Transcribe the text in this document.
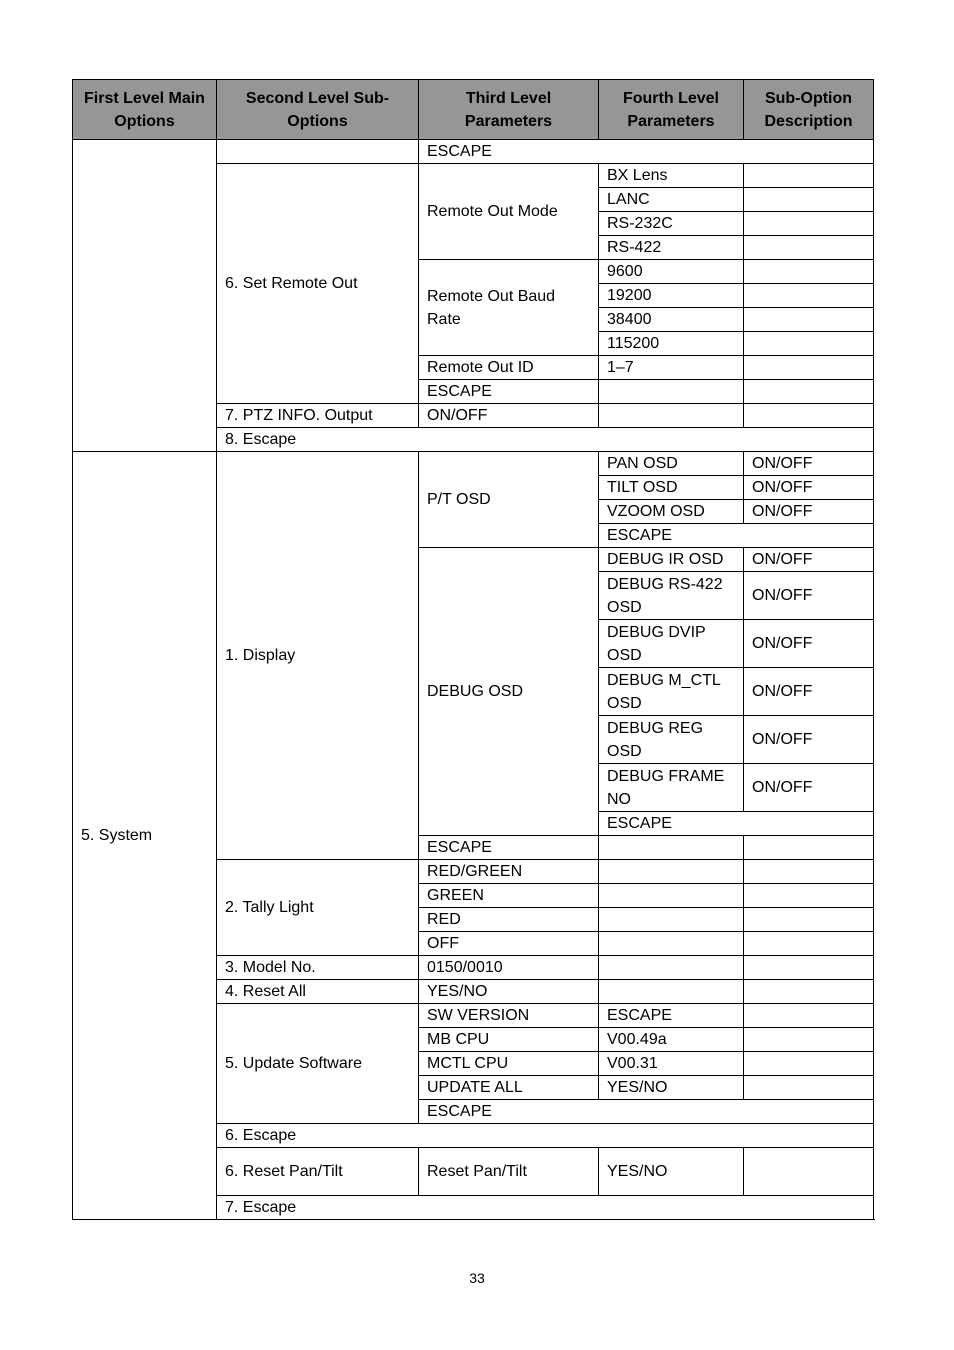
First Level Main Options	Second Level Sub-Options	Third Level Parameters	Fourth Level Parameters	Sub-Option Description	
		ESCAPE			
	6. Set Remote Out	Remote Out Mode	BX Lens		
			LANC		
			RS-232C		
			RS-422		
		Remote Out Baud Rate	9600		
			19200		
			38400		
			115200		
		Remote Out ID	1–7		
		ESCAPE			
	7. PTZ INFO. Output	ON/OFF			
	8. Escape				
5. System	1. Display	P/T OSD	PAN OSD	ON/OFF	
			TILT OSD	ON/OFF	
			VZOOM OSD	ON/OFF	
			ESCAPE		
		DEBUG OSD	DEBUG IR OSD	ON/OFF	
			DEBUG RS-422 OSD	ON/OFF	
			DEBUG DVIP OSD	ON/OFF	
			DEBUG M_CTL OSD	ON/OFF	
			DEBUG REG OSD	ON/OFF	
			DEBUG FRAME NO	ON/OFF	
			ESCAPE		
		ESCAPE			
	2. Tally Light	RED/GREEN			
		GREEN			
		RED			
		OFF			
	3. Model No.	0150/0010			
	4. Reset All	YES/NO			
	5. Update Software	SW VERSION	ESCAPE		
		MB CPU	V00.49a		
		MCTL CPU	V00.31		
		UPDATE ALL	YES/NO		
		ESCAPE			
	6. Escape				
	6. Reset Pan/Tilt	Reset Pan/Tilt	YES/NO		
	7. Escape				
33
